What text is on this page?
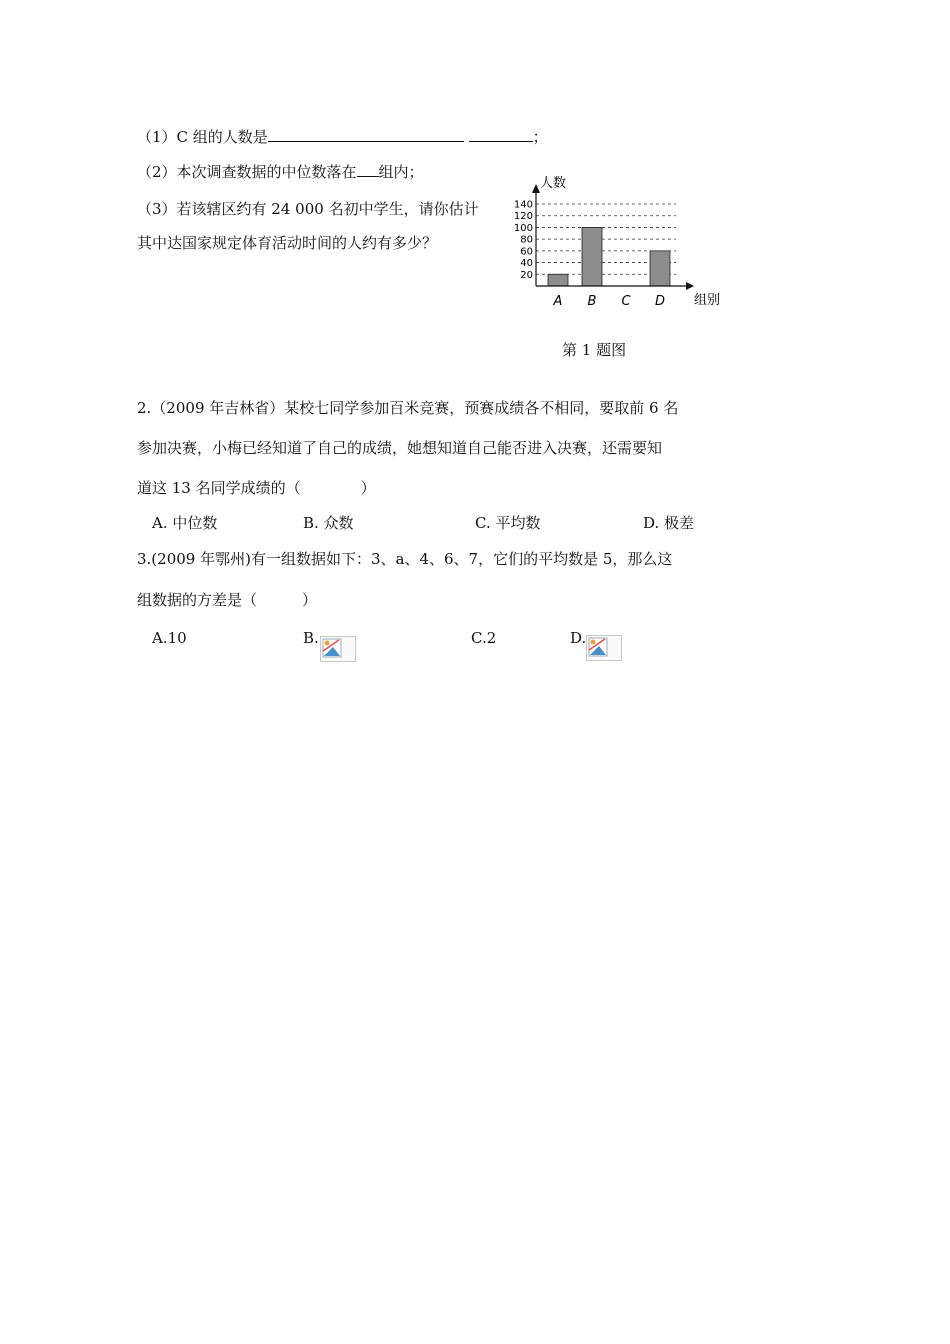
（1）C 组的人数是	；
（2）本次调查数据的中位数落在 组内；
（3）若该辖区约有 24 000 名初中学生，请你估计
其中达国家规定体育活动时间的人约有多少？
20
40
60
80
100
120
140
A B C D
人数
组别
第 1 题图
2.（2009 年吉林省）某校七同学参加百米竞赛，预赛成绩各不相同，要取前 6 名
参加决赛，小梅已经知道了自己的成绩，她想知道自己能否进入决赛，还需要知
道这 13 名同学成绩的（　　　　）
A. 中位数	B. 众数	C. 平均数	D. 极差
3.(2009 年鄂州)有一组数据如下：3、a、4、6、7，它们的平均数是 5，那么这
组数据的方差是（　　　）
A.10	B.	C.2	D.
